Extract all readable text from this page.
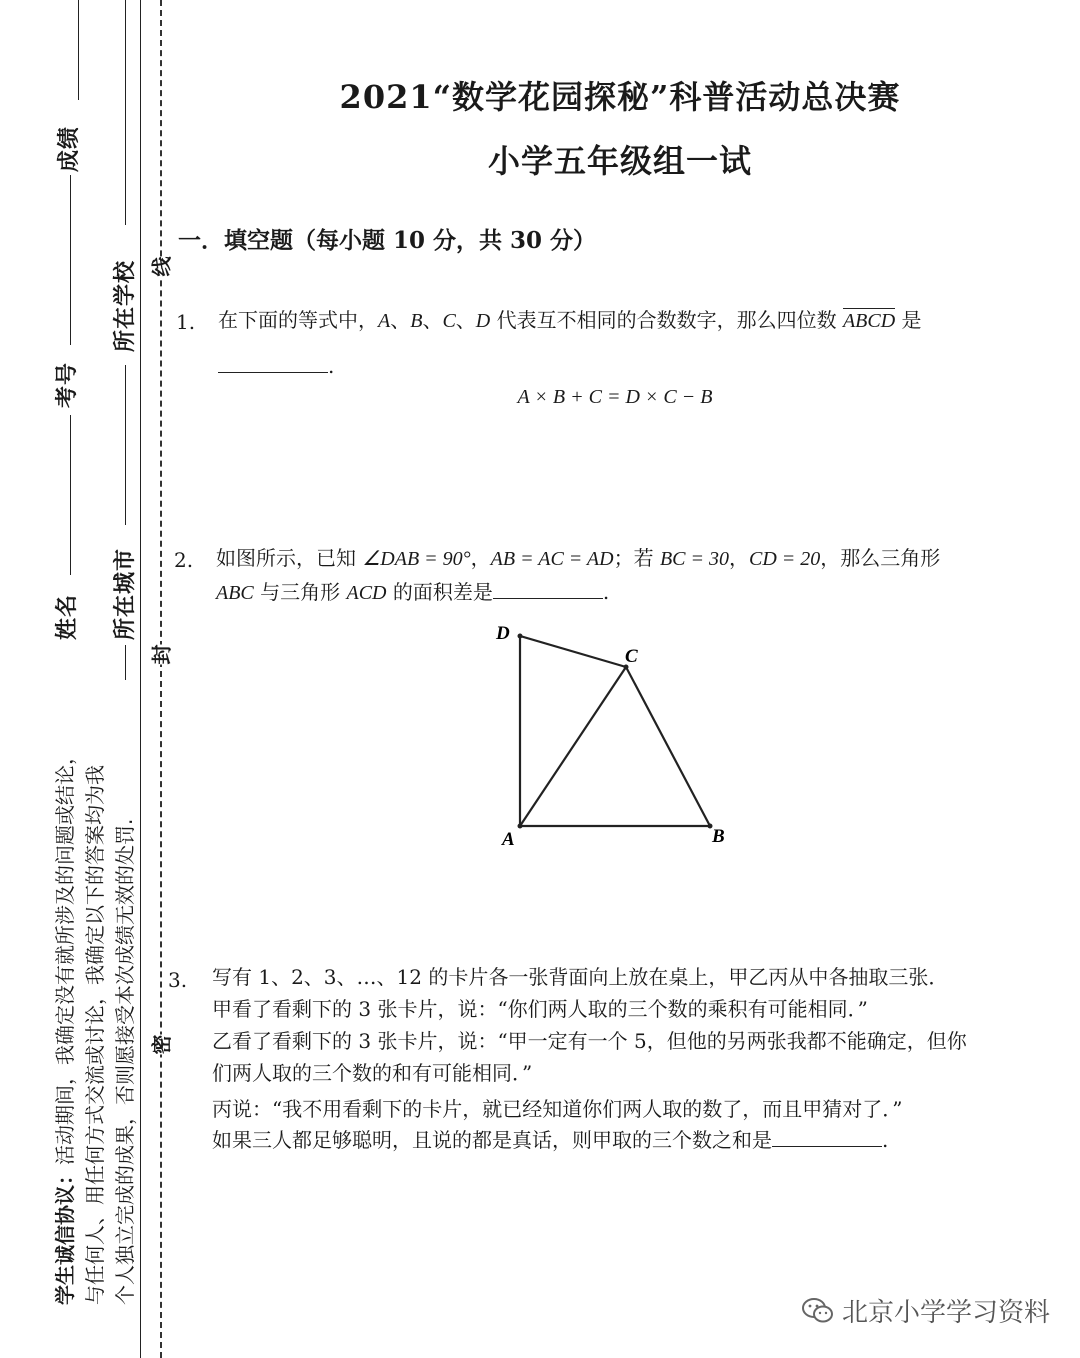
成绩
考号
姓名
所在学校
所在城市
学生诚信协议：活动期间，我确定没有就所涉及的问题或结论， 与任何人、用任何方式交流或讨论，我确定以下的答案均为我 个人独立完成的成果，否则愿接受本次成绩无效的处罚.
线
封
密
2021“数学花园探秘”科普活动总决赛
小学五年级组一试
一．填空题（每小题 10 分，共 30 分）
1. 在下面的等式中，A、B、C、D 代表互不相同的合数数字，那么四位数 ABCD 是
.
A × B + C = D × C − B
2. 如图所示，已知 ∠DAB = 90°，AB = AC = AD；若 BC = 30，CD = 20，那么三角形
ABC 与三角形 ACD 的面积差是	.
D
C
A	B
3. 写有 1、2、3、…、12 的卡片各一张背面向上放在桌上，甲乙丙从中各抽取三张．
甲看了看剩下的 3 张卡片，说：“你们两人取的三个数的乘积有可能相同．”
乙看了看剩下的 3 张卡片，说：“甲一定有一个 5，但他的另两张我都不能确定，但你
们两人取的三个数的和有可能相同．”
丙说：“我不用看剩下的卡片，就已经知道你们两人取的数了，而且甲猜对了．”
如果三人都足够聪明，且说的都是真话，则甲取的三个数之和是	.
北京小学学习资料
